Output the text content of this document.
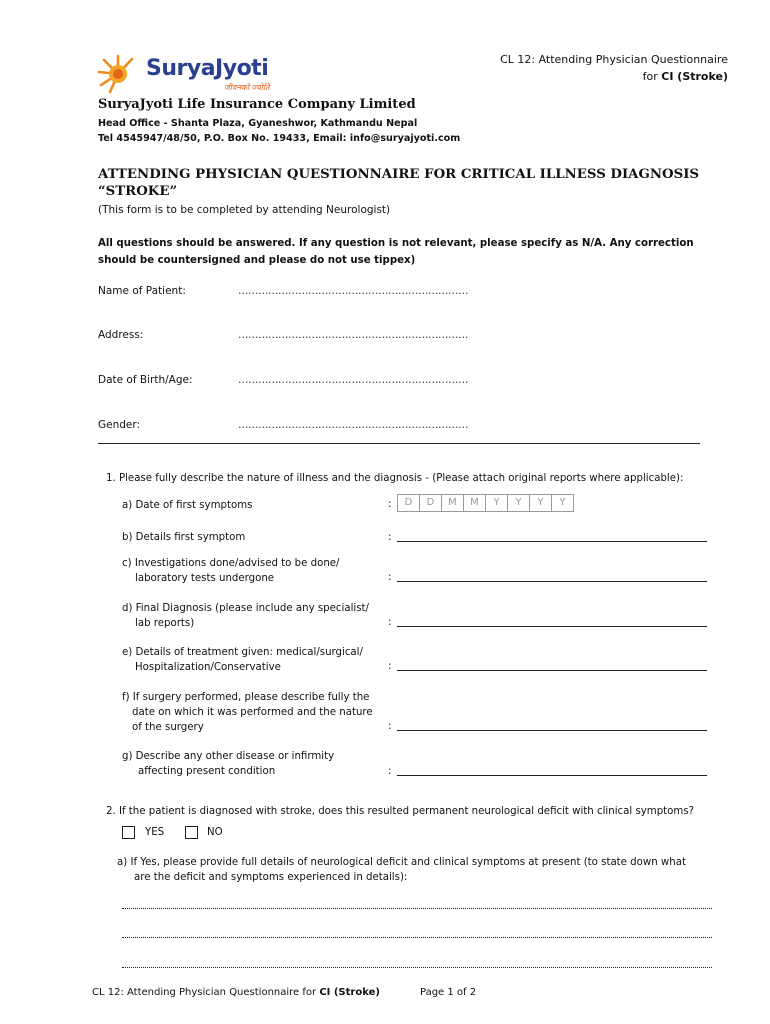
SuryaJyoti
जीवनको ज्योति
CL 12: Attending Physician Questionnaire
for CI (Stroke)
SuryaJyoti Life Insurance Company Limited
Head Office - Shanta Plaza, Gyaneshwor, Kathmandu Nepal
Tel 4545947/48/50, P.O. Box No. 19433, Email: info@suryajyoti.com
ATTENDING PHYSICIAN QUESTIONNAIRE FOR CRITICAL ILLNESS DIAGNOSIS
“STROKE”
(This form is to be completed by attending Neurologist)
All questions should be answered. If any question is not relevant, please specify as N/A. Any correction should be countersigned and please do not use tippex)
Name of Patient:	……………………………………………………………
Address:	……………………………………………………………
Date of Birth/Age:	……………………………………………………………
Gender:	……………………………………………………………
1. Please fully describe the nature of illness and the diagnosis - (Please attach original reports where applicable):
a) Date of first symptoms	:	D	D	M	M	Y	Y	Y	Y
b) Details first symptom	:
c) Investigations done/advised to be done/
laboratory tests undergone	:
d) Final Diagnosis (please include any specialist/
lab reports)	:
e) Details of treatment given: medical/surgical/
Hospitalization/Conservative	:
f) If surgery performed, please describe fully the
date on which it was performed and the nature
of the surgery	:
g) Describe any other disease or infirmity
affecting present condition	:
2. If the patient is diagnosed with stroke, does this resulted permanent neurological deficit with clinical symptoms?
YES	NO
a) If Yes, please provide full details of neurological deficit and clinical symptoms at present (to state down what
are the deficit and symptoms experienced in details):
CL 12: Attending Physician Questionnaire for CI (Stroke)	Page 1 of 2
